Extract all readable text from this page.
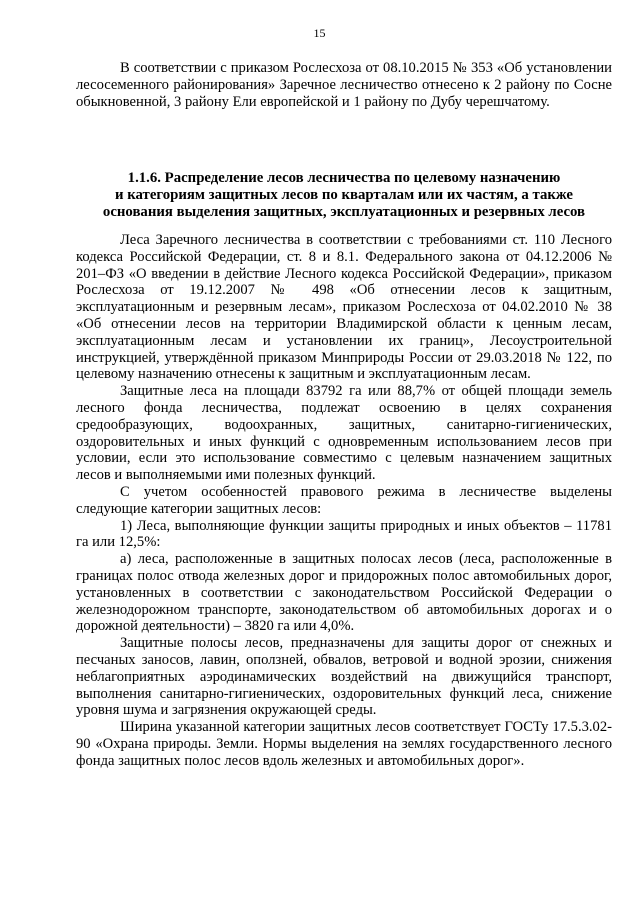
15

В соответствии с приказом Рослесхоза от 08.10.2015 № 353 «Об установлении лесосеменного районирования» Заречное лесничество отнесено к 2 району по Сосне обыкновенной, 3 району Ели европейской и 1 району по Дубу черешчатому.

1.1.6. Распределение лесов лесничества по целевому назначению
и категориям защитных лесов по кварталам или их частям, а также
основания выделения защитных, эксплуатационных и резервных лесов

Леса Заречного лесничества в соответствии с требованиями ст. 110 Лесного кодекса Российской Федерации, ст. 8 и 8.1. Федерального закона от 04.12.2006 № 201–ФЗ «О введении в действие Лесного кодекса Российской Федерации», приказом Рослесхоза от 19.12.2007 № 498 «Об отнесении лесов к защитным, эксплуатационным и резервным лесам», приказом Рослесхоза от 04.02.2010 № 38 «Об отнесении лесов на территории Владимирской области к ценным лесам, эксплуатационным лесам и установлении их границ», Лесоустроительной инструкцией, утверждённой приказом Минприроды России от 29.03.2018 № 122, по целевому назначению отнесены к защитным и эксплуатационным лесам.

Защитные леса на площади 83792 га или 88,7% от общей площади земель лесного фонда лесничества, подлежат освоению в целях сохранения средообразующих, водоохранных, защитных, санитарно-гигиенических, оздоровительных и иных функций с одновременным использованием лесов при условии, если это использование совместимо с целевым назначением защитных лесов и выполняемыми ими полезных функций.

С учетом особенностей правового режима в лесничестве выделены следующие категории защитных лесов:

1) Леса, выполняющие функции защиты природных и иных объектов – 11781 га или 12,5%:

а) леса, расположенные в защитных полосах лесов (леса, расположенные в границах полос отвода железных дорог и придорожных полос автомобильных дорог, установленных в соответствии с законодательством Российской Федерации о железнодорожном транспорте, законодательством об автомобильных дорогах и о дорожной деятельности) – 3820 га или 4,0%.

Защитные полосы лесов, предназначены для защиты дорог от снежных и песчаных заносов, лавин, оползней, обвалов, ветровой и водной эрозии, снижения неблагоприятных аэродинамических воздействий на движущийся транспорт, выполнения санитарно-гигиенических, оздоровительных функций леса, снижение уровня шума и загрязнения окружающей среды.

Ширина указанной категории защитных лесов соответствует ГОСТу 17.5.3.02-90 «Охрана природы. Земли. Нормы выделения на землях государственного лесного фонда защитных полос лесов вдоль железных и автомобильных дорог».
